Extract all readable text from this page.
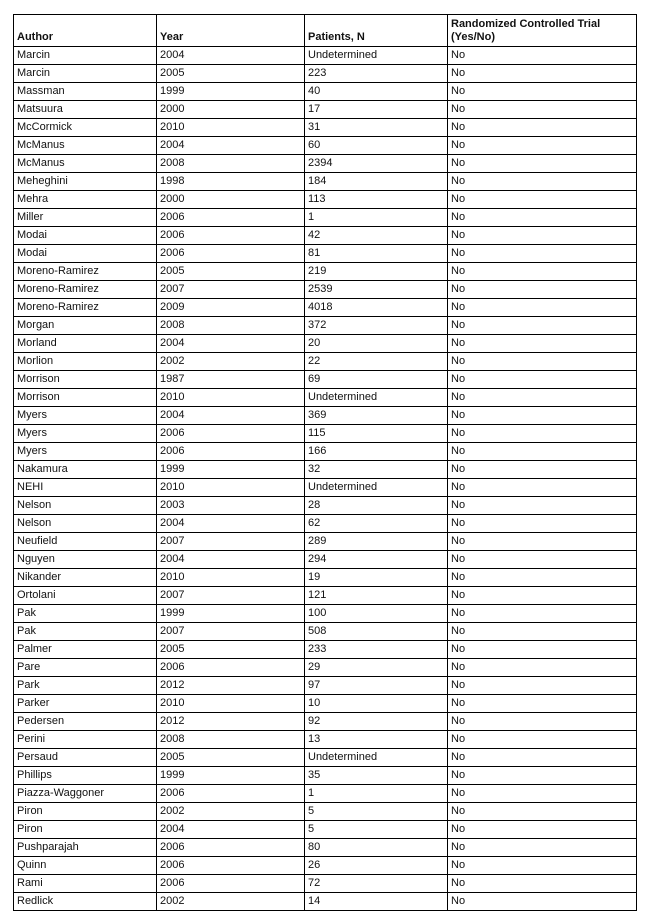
Author	Year	Patients, N	Randomized Controlled Trial (Yes/No)
Marcin	2004	Undetermined	No
Marcin	2005	223	No
Massman	1999	40	No
Matsuura	2000	17	No
McCormick	2010	31	No
McManus	2004	60	No
McManus	2008	2394	No
Meheghini	1998	184	No
Mehra	2000	113	No
Miller	2006	1	No
Modai	2006	42	No
Modai	2006	81	No
Moreno-Ramirez	2005	219	No
Moreno-Ramirez	2007	2539	No
Moreno-Ramirez	2009	4018	No
Morgan	2008	372	No
Morland	2004	20	No
Morlion	2002	22	No
Morrison	1987	69	No
Morrison	2010	Undetermined	No
Myers	2004	369	No
Myers	2006	115	No
Myers	2006	166	No
Nakamura	1999	32	No
NEHI	2010	Undetermined	No
Nelson	2003	28	No
Nelson	2004	62	No
Neufield	2007	289	No
Nguyen	2004	294	No
Nikander	2010	19	No
Ortolani	2007	121	No
Pak	1999	100	No
Pak	2007	508	No
Palmer	2005	233	No
Pare	2006	29	No
Park	2012	97	No
Parker	2010	10	No
Pedersen	2012	92	No
Perini	2008	13	No
Persaud	2005	Undetermined	No
Phillips	1999	35	No
Piazza-Waggoner	2006	1	No
Piron	2002	5	No
Piron	2004	5	No
Pushparajah	2006	80	No
Quinn	2006	26	No
Rami	2006	72	No
Redlick	2002	14	No
